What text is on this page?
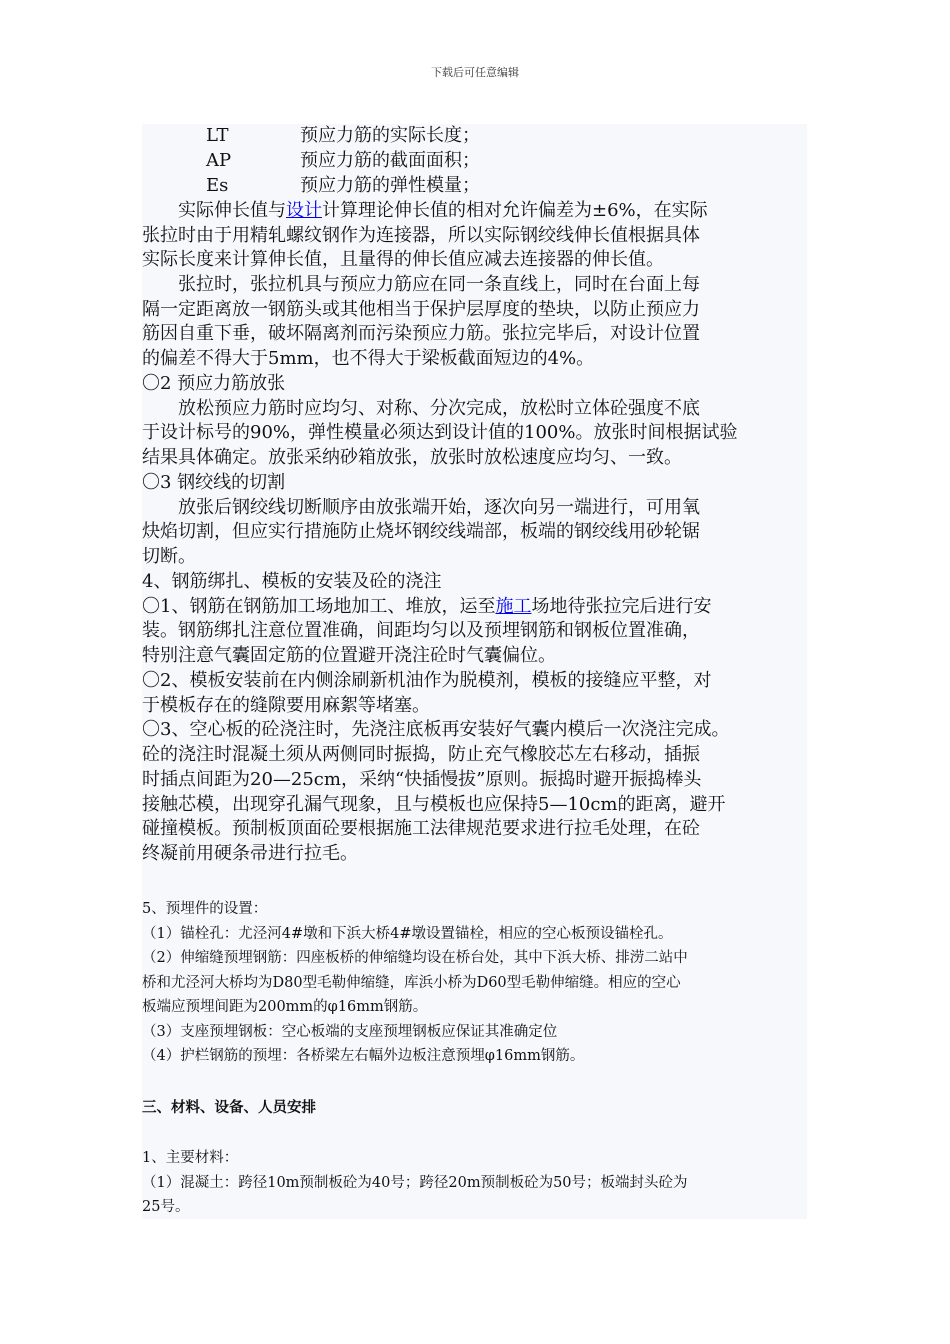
下载后可任意编辑
LT	预应力筋的实际长度；
AP	预应力筋的截面面积；
Es	预应力筋的弹性模量；
　　实际伸长值与设计计算理论伸长值的相对允许偏差为±6%，在实际
张拉时由于用精轧螺纹钢作为连接器，所以实际钢绞线伸长值根据具体
实际长度来计算伸长值，且量得的伸长值应减去连接器的伸长值。
　　张拉时，张拉机具与预应力筋应在同一条直线上，同时在台面上每
隔一定距离放一钢筋头或其他相当于保护层厚度的垫块，以防止预应力
筋因自重下垂，破坏隔离剂而污染预应力筋。张拉完毕后，对设计位置
的偏差不得大于5mm，也不得大于梁板截面短边的4%。
〇2 预应力筋放张
　　放松预应力筋时应均匀、对称、分次完成，放松时立体砼强度不底
于设计标号的90%，弹性模量必须达到设计值的100%。放张时间根据试验
结果具体确定。放张采纳砂箱放张，放张时放松速度应均匀、一致。
〇3 钢绞线的切割
　　放张后钢绞线切断顺序由放张端开始，逐次向另一端进行，可用氧
炔焰切割，但应实行措施防止烧坏钢绞线端部，板端的钢绞线用砂轮锯
切断。
4、钢筋绑扎、模板的安装及砼的浇注
〇1、钢筋在钢筋加工场地加工、堆放，运至施工场地待张拉完后进行安
装。钢筋绑扎注意位置准确，间距均匀以及预埋钢筋和钢板位置准确，
特别注意气囊固定筋的位置避开浇注砼时气囊偏位。
〇2、模板安装前在内侧涂刷新机油作为脱模剂，模板的接缝应平整，对
于模板存在的缝隙要用麻絮等堵塞。
〇3、空心板的砼浇注时，先浇注底板再安装好气囊内模后一次浇注完成。
砼的浇注时混凝土须从两侧同时振捣，防止充气橡胶芯左右移动，插振
时插点间距为20—25cm，采纳“快插慢拔”原则。振捣时避开振捣棒头
接触芯模，出现穿孔漏气现象，且与模板也应保持5—10cm的距离，避开
碰撞模板。预制板顶面砼要根据施工法律规范要求进行拉毛处理，在砼
终凝前用硬条帚进行拉毛。
5、预埋件的设置：
（1）锚栓孔：尤泾河4#墩和下浜大桥4#墩设置锚栓，相应的空心板预设锚栓孔。
（2）伸缩缝预埋钢筋：四座板桥的伸缩缝均设在桥台处，其中下浜大桥、排涝二站中
桥和尤泾河大桥均为D80型毛勒伸缩缝，库浜小桥为D60型毛勒伸缩缝。相应的空心
板端应预埋间距为200mm的φ16mm钢筋。
（3）支座预埋钢板：空心板端的支座预埋钢板应保证其准确定位
（4）护栏钢筋的预埋：各桥梁左右幅外边板注意预埋φ16mm钢筋。
三、材料、设备、人员安排
1、主要材料：
（1）混凝土：跨径10m预制板砼为40号；跨径20m预制板砼为50号；板端封头砼为
25号。
